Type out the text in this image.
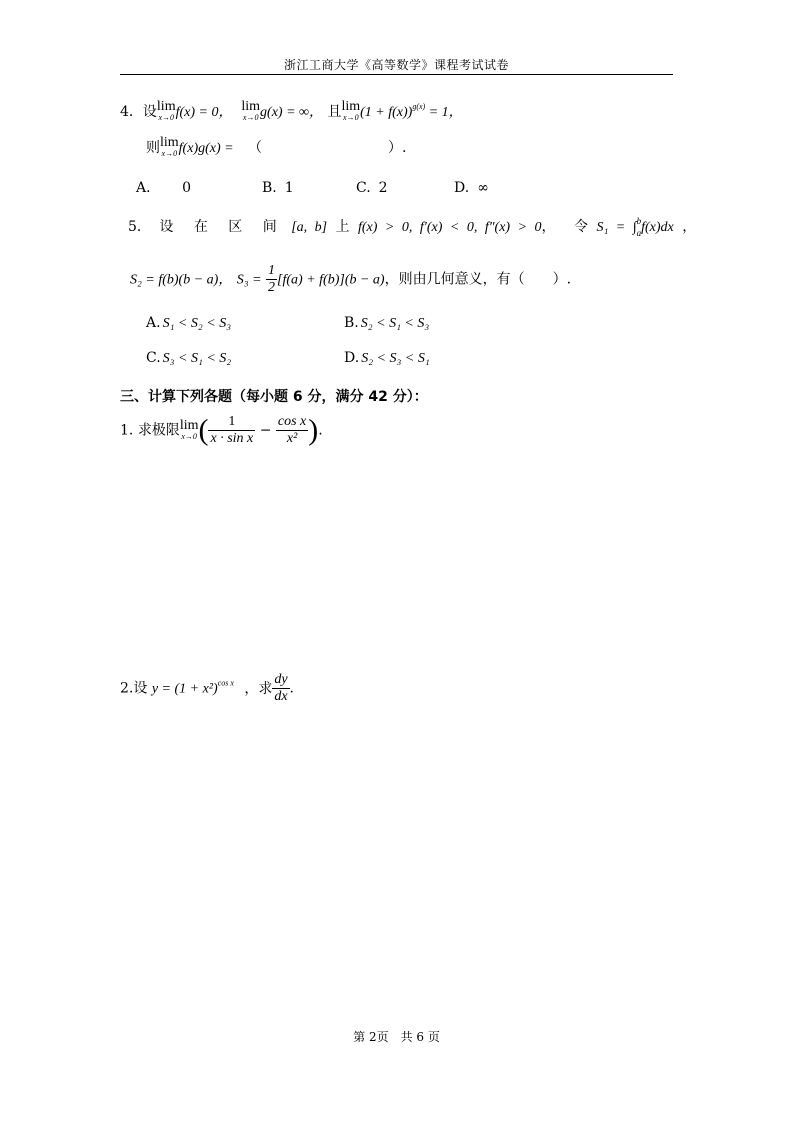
浙江工商大学《高等数学》课程考试试卷
4．设 lim
x→0 f(x) = 0， lim
x→0 g(x) = ∞， 且 lim
x→0 $(1 + f(x))^{g(x)} = 1$，
则 lim
x→0 f(x)g(x) = （　　　　　　　　　）.
A． 0	B. 1	C. 2	D. ∞
5． 设 在 区 间 [a, b] 上 f(x) > 0, f′(x) < 0, f″(x) > 0， 令 S₁ = ∫ b
a f(x)dx ，
S₂ = f(b)(b − a)， $S_3 = \frac{1}{2} [f(a) + f(b)](b - a)$，则由几何意义，有（　　）.
A. S₁ < S₂ < S₃	B. S₂ < S₁ < S₃
C. S₃ < S₁ < S₂	D. S₂ < S₃ < S₁
三、计算下列各题（每小题 6 分，满分 42 分）：
1. 求极限 lim
x→0 ( $\frac{1}{\text{x · sin x}} - \frac{\text{cos x}}{\text{x²}}$ ).
2.设 $y = (1 + x^2)^{cos x}$ ，求 $\frac{dy}{dx}$ .
第 2页　共 6 页
